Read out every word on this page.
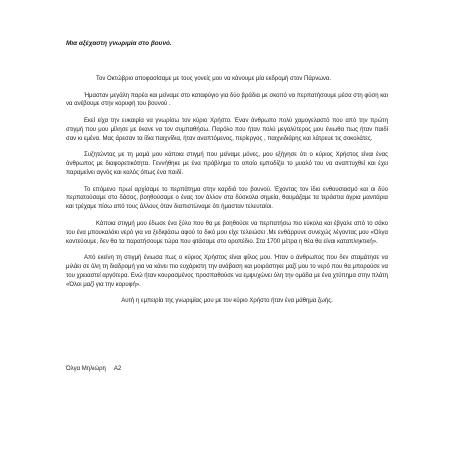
Μια αξέχαστη γνωριμία στο βουνό.

Τον Οκτώβριο αποφασίσαμε με τους γονείς μου να κάνουμε μία εκδρομή στον Πάρνωνα.

Ήμασταν μεγάλη παρέα και μείναμε στο καταφύγιο για δύο βράδια με σκοπό να περπατήσουμε μέσα στη φύση και να ανέβουμε στην κορυφή του βουνού .

Εκεί είχα την ευκαιρία να γνωρίσω τον κύριο Χρήστο. Έναν άνθρωπο πολύ χαμογελαστό που από την πρώτη στιγμή που μου μίλησε με έκανε να τον συμπαθήσω. Παρόλο που ήταν πολύ μεγαλύτερος μου ένιωθα πως ήταν παιδί σαν κι εμένα. Μας άρεσαν τα ίδια παιχνίδια, ήταν αναπτόμενος, περίεργος , παιχνιδιάρης και λάτρευε τις σοκολάτες.

Συζητώντας με τη μαμά μου κάποια στιγμή που μείναμε μόνες, μου εξήγησε ότι ο κύριος Χρήστος είναι ένας άνθρωπος με διαφορετικότητα. Γεννήθηκε με ένα πρόβλημα το οποίο εμποδίζει το μυαλό του να αναπτυχθεί και έχει παραμείνει αγνός και καλός όπως ένα παιδί.

Το επόμενο πρωί αρχίσαμε το περπάτημα στην καρδιά του βουνού. Έχοντας τον ίδιο ενθουσιασμό και οι δύο περπατούσαμε στο δάσος, βοηθούσαμε ο ένας τον άλλον στα δύσκολα σημεία, θαυμάζαμε τα τεράστια άγρια μανιτάρια και τρέχαμε πίσω από τους άλλους όταν διαπιστώναμε ότι ήμασταν τελευταίοι.

Κάποια στιγμή μου έδωσε ένα ξύλο που θα με βοηθούσε να περπατήσω πιο εύκολα και έβγαλε από το σάκο του ένα μπουκαλάκι νερό για να ξεδιψάσω αφού το δικό μου είχε τελειώσει .Με ενθάρρυνε συνεχώς λέγοντας μου «Όλγα κοντεύουμε, δεν θα τα παρατήσουμε τώρα που φτάσαμε στο οροπέδιο. Στα 1700 μέτρα η θέα θα είναι καταπληκτική».

Από εκείνη τη στιγμή ένιωσα πως ο κύριος Χρήστος είναι φίλος μου. Ήταν ο άνθρωπος που δεν σταμάτησε να μιλάει σε όλη τη διαδρομή για να κάνει πιο ευχάριστη την ανάβαση και μοιράστηκε μαζί μου το νερό που θα μπορούσε να του χρειαστεί αργότερα. Ενώ ήταν κουρασμένος προσπαθούσε να εμψυχώνει όλη την ομάδα με ένα χτύπημα στην πλάτη «Όλοι μαζί για την κορυφή».

Αυτή η εμπειρία της γνωριμίας μου με τον κύριο Χρήστο ήταν ένα μάθημα ζωής.

Όλγα Μηλιώρη Α2
